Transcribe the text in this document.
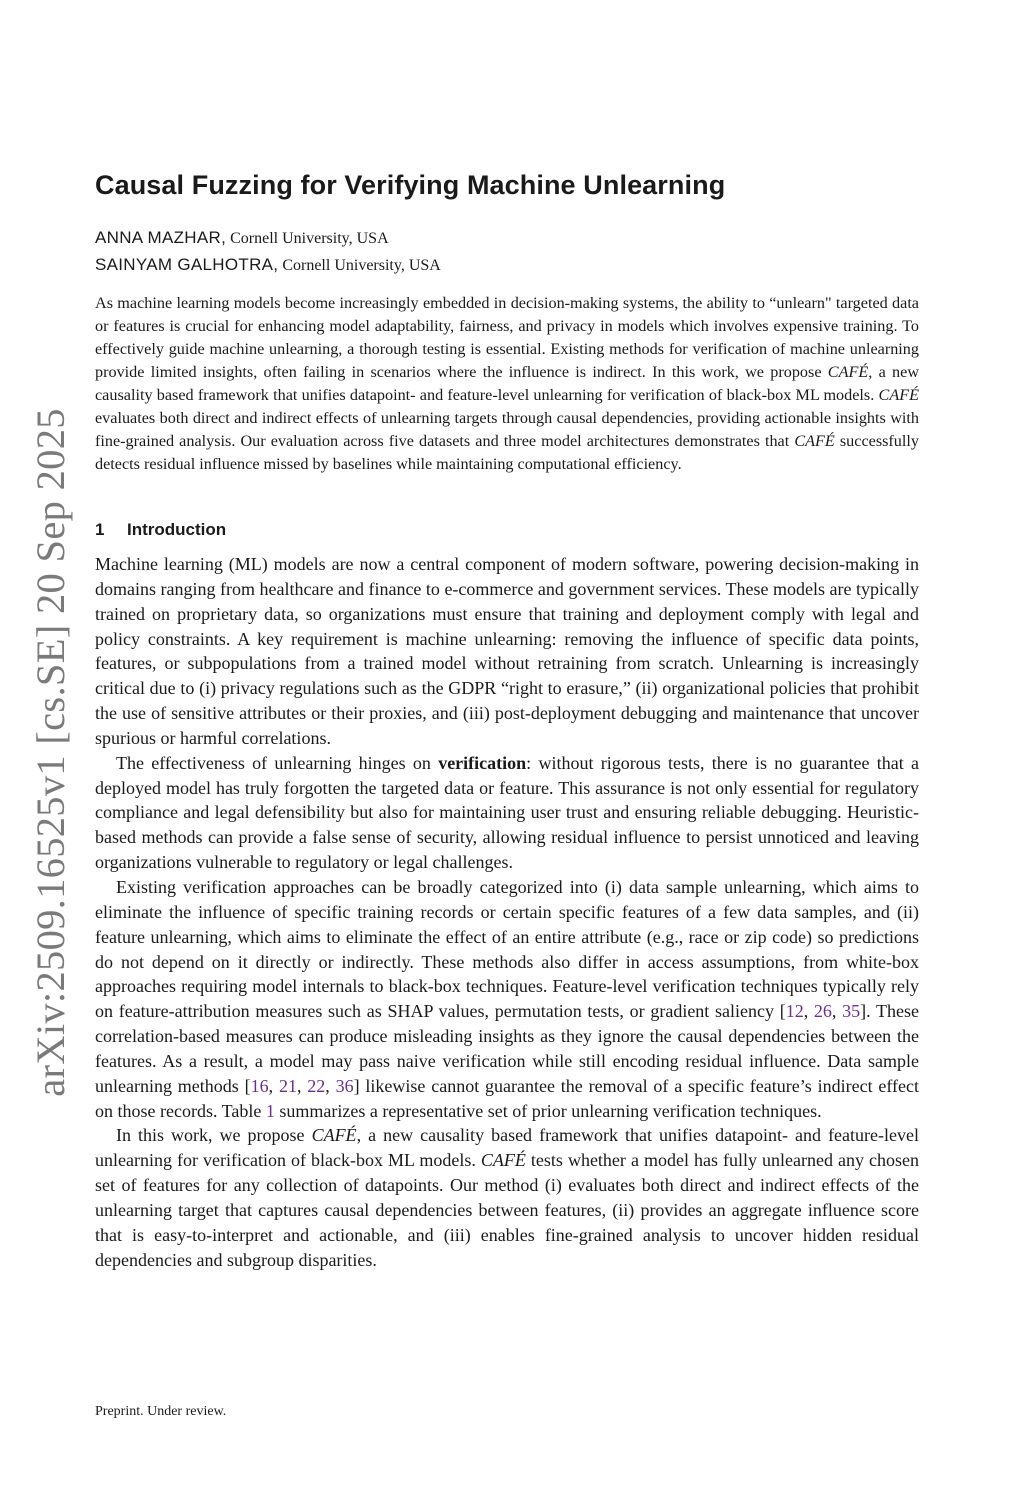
arXiv:2509.16525v1 [cs.SE] 20 Sep 2025
Causal Fuzzing for Verifying Machine Unlearning
ANNA MAZHAR, Cornell University, USA
SAINYAM GALHOTRA, Cornell University, USA

As machine learning models become increasingly embedded in decision-making systems, the ability to “unlearn" targeted data or features is crucial for enhancing model adaptability, fairness, and privacy in models which involves expensive training. To effectively guide machine unlearning, a thorough testing is essential. Existing methods for verification of machine unlearning provide limited insights, often failing in scenarios where the influence is indirect. In this work, we propose CAFÉ, a new causality based framework that unifies datapoint- and feature-level unlearning for verification of black-box ML models. CAFÉ evaluates both direct and indirect effects of unlearning targets through causal dependencies, providing actionable insights with fine-grained analysis. Our evaluation across five datasets and three model architectures demonstrates that CAFÉ successfully detects residual influence missed by baselines while maintaining computational efficiency.

1 Introduction

Machine learning (ML) models are now a central component of modern software, powering decision-making in domains ranging from healthcare and finance to e-commerce and government services. These models are typically trained on proprietary data, so organizations must ensure that training and deployment comply with legal and policy constraints. A key requirement is machine unlearning: removing the influence of specific data points, features, or subpopulations from a trained model without retraining from scratch. Unlearning is increasingly critical due to (i) privacy regulations such as the GDPR “right to erasure,” (ii) organizational policies that prohibit the use of sensitive attributes or their proxies, and (iii) post-deployment debugging and maintenance that uncover spurious or harmful correlations.

The effectiveness of unlearning hinges on verification: without rigorous tests, there is no guarantee that a deployed model has truly forgotten the targeted data or feature. This assurance is not only essential for regulatory compliance and legal defensibility but also for maintaining user trust and ensuring reliable debugging. Heuristic-based methods can provide a false sense of security, allowing residual influence to persist unnoticed and leaving organizations vulnerable to regulatory or legal challenges.

Existing verification approaches can be broadly categorized into (i) data sample unlearning, which aims to eliminate the influence of specific training records or certain specific features of a few data samples, and (ii) feature unlearning, which aims to eliminate the effect of an entire attribute (e.g., race or zip code) so predictions do not depend on it directly or indirectly. These methods also differ in access assumptions, from white-box approaches requiring model internals to black-box techniques. Feature-level verification techniques typically rely on feature-attribution measures such as SHAP values, permutation tests, or gradient saliency [12, 26, 35]. These correlation-based measures can produce misleading insights as they ignore the causal dependencies between the features. As a result, a model may pass naive verification while still encoding residual influence. Data sample unlearning methods [16, 21, 22, 36] likewise cannot guarantee the removal of a specific feature’s indirect effect on those records. Table 1 summarizes a representative set of prior unlearning verification techniques.

In this work, we propose CAFÉ, a new causality based framework that unifies datapoint- and feature-level unlearning for verification of black-box ML models. CAFÉ tests whether a model has fully unlearned any chosen set of features for any collection of datapoints. Our method (i) evaluates both direct and indirect effects of the unlearning target that captures causal dependencies between features, (ii) provides an aggregate influence score that is easy-to-interpret and actionable, and (iii) enables fine-grained analysis to uncover hidden residual dependencies and subgroup disparities.

Preprint. Under review.
